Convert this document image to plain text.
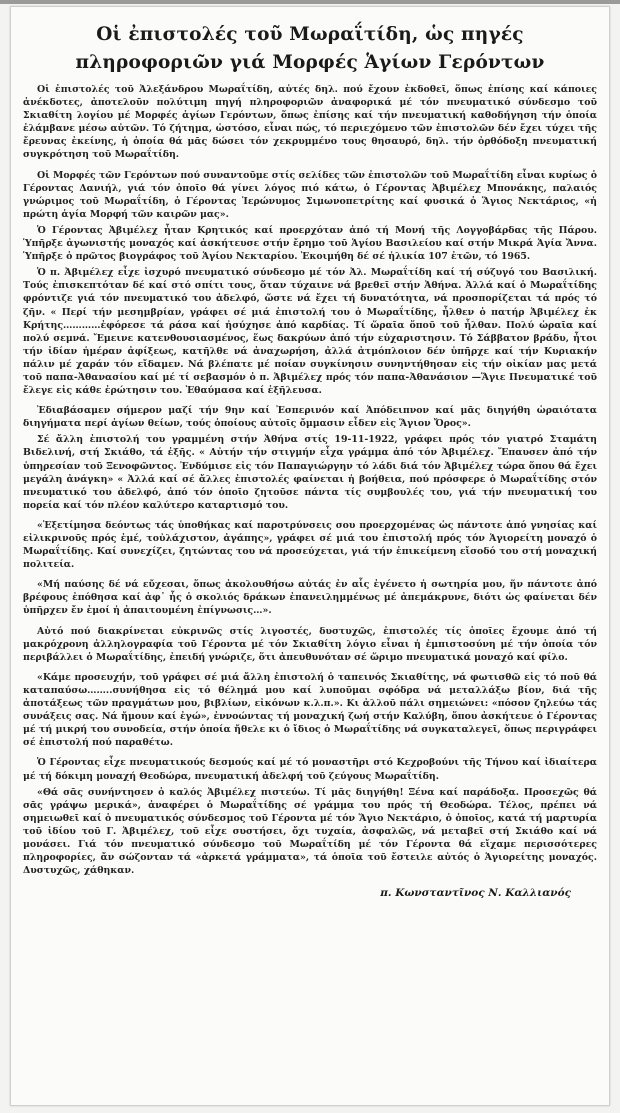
Οἱ ἐπιστολές τοῦ Μωραΐτίδη, ὡς πηγές
πληροφοριῶν γιά Μορφές Ἁγίων Γερόντων

Οἱ ἐπιστολές τοῦ Ἀλεξάνδρου Μωραΐτίδη, αὐτές δηλ. πού ἔχουν ἐκδοθεῖ, ὅπως ἐπίσης καί κάποιες ἀνέκδοτες, ἀποτελοῦν πολύτιμη πηγή πληροφοριῶν ἀναφορικά μέ τόν πνευματικό σύνδεσμο τοῦ Σκιαθίτη λογίου μέ Μορφές ἁγίων Γερόντων, ὅπως ἐπίσης καί τήν πνευματική καθοδήγηση τήν ὁποία ἐλάμβανε μέσω αὐτῶν. Τό ζήτημα, ὡστόσο, εἶναι πώς, τό περιεχόμενο τῶν ἐπιστολῶν δέν ἔχει τύχει τῆς ἔρευνας ἐκείνης, ἡ ὁποία θά μᾶς δώσει τόν χεκρυμμένο τους θησαυρό, δηλ. τήν ὀρθόδοξη πνευματική συγκρότηση τοῦ Μωραΐτίδη.

Οἱ Μορφές τῶν Γερόντων πού συναντοῦμε στίς σελίδες τῶν ἐπιστολῶν τοῦ Μωραΐτίδη εἶναι κυρίως ὁ Γέροντας Δανιήλ, γιά τόν ὁποῖο θά γίνει λόγος πιό κάτω, ὁ Γέροντας Ἀβιμέλεχ Μπονάκης, παλαιός γνώριμος τοῦ Μωραΐτίδη, ὁ Γέροντας Ἱερώνυμος Σιμωνοπετρίτης καί φυσικά ὁ Ἅγιος Νεκτάριος, «ἡ πρώτη ἁγία Μορφή τῶν καιρῶν μας».

Ὁ Γέροντας Ἀβιμέλεχ ἦταν Κρητικός καί προερχόταν ἀπό τή Μονή τῆς Λογγοβάρδας τῆς Πάρου. Ὑπῆρξε ἀγωνιστής μοναχός καί ἀσκήτευσε στήν ἔρημο τοῦ Ἁγίου Βασιλείου καί στήν Μικρά Ἁγία Ἄννα. Ὑπῆρξε ὁ πρῶτος βιογράφος τοῦ Ἁγίου Νεκταρίου. Ἐκοιμήθη δέ σέ ἡλικία 107 ἐτῶν, τό 1965.

Ὁ π. Ἀβιμέλεχ εἶχε ἰσχυρό πνευματικό σύνδεσμο μέ τόν Ἀλ. Μωραΐτίδη καί τή σύζυγό του Βασιλική. Τούς ἐπισκεπτόταν δέ καί στό σπίτι τους, ὅταν τύχαινε νά βρεθεῖ στήν Ἀθήνα. Ἀλλά καί ὁ Μωραΐτίδης φρόντιζε γιά τόν πνευματικό του ἀδελφό, ὥστε νά ἔχει τή δυνατότητα, νά προσπορίζεται τά πρός τό ζῆν. « Περί τήν μεσημβρίαν, γράφει σέ μιά ἐπιστολή του ὁ Μωραΐτίδης, ἦλθεν ὁ πατήρ Ἀβιμέλεχ ἐκ Κρήτης…………ἐφόρεσε τά ράσα καί ἠσύχησε ἀπό καρδίας. Τί ὥραῖα ὅποῦ τοῦ ἦλθαν. Πολύ ὡραῖα καί πολύ σεμνά. Ἔμεινε κατενθουσιασμένος, ἕως δακρύων ἀπό τήν εὐχαριστησιν. Τό Σάββατον βράδυ, ἦτοι τήν ἰδίαν ἡμέραν ἀφίξεως, κατῆλθε νά ἀναχωρήση, ἀλλά ἀτμόπλοιον δέν ὑπῆρχε καί τήν Κυριακήν πάλιν μέ χαράν τόν εἴδαμεν. Νά βλέπατε μέ ποίαν συγκίνησιν συνηντήθησαν εἰς τήν οἰκίαν μας μετά τοῦ παπα-Ἀθανασίου καί μέ τί σεβασμόν ὁ π. Ἀβιμέλεχ πρός τόν παπα-Ἀθανάσιον —Ἅγιε Πνευματικέ τοῦ ἔλεγε εἰς κάθε ἐρώτησιν του. Ἐθαύμασα καί ἐξῆλευσα.

Ἐδιαβάσαμεν σήμερον μαζί τήν 9ην καί Ἐσπερινόν καί Ἀπόδειπνον καί μᾶς διηγήθη ὡραιότατα διηγήματα περί ἁγίων θείων, τούς ὁποίους αὐτοῖς ὄμμασιν εἶδεν εἰς Ἅγιον Ὄρος».

Σέ ἄλλη ἐπιστολή του γραμμένη στήν Ἀθήνα στίς 19-11-1922, γράφει πρός τόν γιατρό Σταμάτη Βιδελινή, στή Σκιάθο, τά ἑξῆς. « Αὐτήν τήν στιγμήν εἶχα γράμμα ἀπό τόν Ἀβιμέλεχ. Ἔπαυσεν ἀπό τήν ὑπηρεσίαν τοῦ Ξενοφῶντος. Ἐνδύμισε εἰς τόν Παπαγιώργην τό λάδι διά τόν Ἀβιμέλεχ τώρα ὅπου θά ἔχει μεγάλη ἀνάγκη» « Ἀλλά καί σέ ἄλλες ἐπιστολές φαίνεται ἡ βοήθεια, πού πρόσφερε ὁ Μωραΐτίδης στόν πνευματικό του ἀδελφό, ἀπό τόν ὁποῖο ζητοῦσε πάντα τίς συμβουλές του, γιά τήν πνευματική του πορεία καί τόν πλέον καλύτερο καταρτισμό του.

«Ἐξετίμησα δεόντως τάς ὑποθήκας καί παροτρύνσεις σου προερχομένας ὡς πάντοτε ἀπό γνησίας καί εἰλικρινοῦς πρός ἐμέ, τοὐλάχιστον, ἀγάπης», γράφει σέ μιά του ἐπιστολή πρός τόν Ἁγιορείτη μοναχό ὁ Μωραΐτίδης. Καί συνεχίζει, ζητώντας του νά προσεύχεται, γιά τήν ἐπικείμενη εἴσοδό του στή μοναχική πολιτεία.

«Μή παύσης δέ νά εὔχεσαι, ὅπως ἀκολουθήσω αὐτάς ἐν αἷς ἐγένετο ἡ σωτηρία μου, ἥν πάντοτε ἀπό βρέφους ἐπόθησα καί ἀφ᾽ ἧς ὁ σκολιός δράκων ἐπανειλημμένως μέ ἀπεμάκρυνε, διότι ὡς φαίνεται δέν ὑπῆρχεν ἔν ἐμοί ἡ ἀπαιτουμένη ἐπίγνωσις…».

Αὐτό πού διακρίνεται εὐκρινῶς στίς λιγοστές, δυστυχῶς, ἐπιστολές τίς ὁποῖες ἔχουμε ἀπό τή μακρόχρονη ἀλληλογραφία τοῦ Γέροντα μέ τόν Σκιαθίτη λόγιο εἶναι ἡ ἐμπιστοσύνη μέ τήν ὁποία τόν περιβάλλει ὁ Μωραΐτίδης, ἐπειδή γνώριζε, ὅτι ἀπευθυνόταν σέ ὥριμο πνευματικά μοναχό καί φίλο.

«Κάμε προσευχήν, τοῦ γράφει σέ μιά ἄλλη ἐπιστολή ὁ ταπεινός Σκιαθίτης, νά φωτισθῶ εἰς τό ποῦ θά καταπαύσω……..συνήθησα εἰς τό θέλημά μου καί λυποῦμαι σφόδρα νά μεταλλάξω βίον, διά τῆς ἀποτάξεως τῶν πραγμάτων μου, βιβλίων, εἰκόνων κ.λ.π.». Κι ἀλλοῦ πάλι σημειώνει: «πόσον ζηλεύω τάς συνάξεις σας. Νά ἤμουν καί ἐγώ», ἐννοώντας τή μοναχική ζωή στήν Καλύβη, ὅπου ἀσκήτευε ὁ Γέροντας μέ τή μικρή του συνοδεία, στήν ὁποία ἤθελε κι ὁ ἴδιος ὁ Μωραΐτίδης νά συγκαταλεγεῖ, ὅπως περιγράφει σέ ἐπιστολή πού παραθέτω.

Ὁ Γέροντας εἶχε πνευματικούς δεσμούς καί μέ τό μοναστῆρι στό Κεχροβούνι τῆς Τήνου καί ἰδιαίτερα μέ τή δόκιμη μοναχή Θεοδώρα, πνευματική ἀδελφή τοῦ ζεύγους Μωραΐτίδη.

«Θά σᾶς συνήντησεν ὁ καλός Ἀβιμέλεχ πιστεύω. Τί μᾶς διηγήθη! Ξένα καί παράδοξα. Προσεχῶς θά σᾶς γράψω μερικά», ἀναφέρει ὁ Μωραΐτίδης σέ γράμμα του πρός τή Θεοδώρα. Τέλος, πρέπει νά σημειωθεῖ καί ὁ πνευματικός σύνδεσμος τοῦ Γέροντα μέ τόν Ἅγιο Νεκτάριο, ὁ ὁποῖος, κατά τή μαρτυρία τοῦ ἰδίου τοῦ Γ. Ἀβιμέλεχ, τοῦ εἶχε συστήσει, ὄχι τυχαία, ἀσφαλῶς, νά μεταβεῖ στή Σκιάθο καί νά μονάσει. Γιά τόν πνευματικό σύνδεσμο τοῦ Μωραΐτίδη μέ τόν Γέροντα θά εἴχαμε περισσότερες πληροφορίες, ἄν σώζονταν τά «ἀρκετά γράμματα», τά ὁποῖα τοῦ ἔστειλε αὐτός ὁ Ἁγιορείτης μοναχός. Δυστυχῶς, χάθηκαν.

π. Κωνσταντῖνος Ν. Καλλιανός
